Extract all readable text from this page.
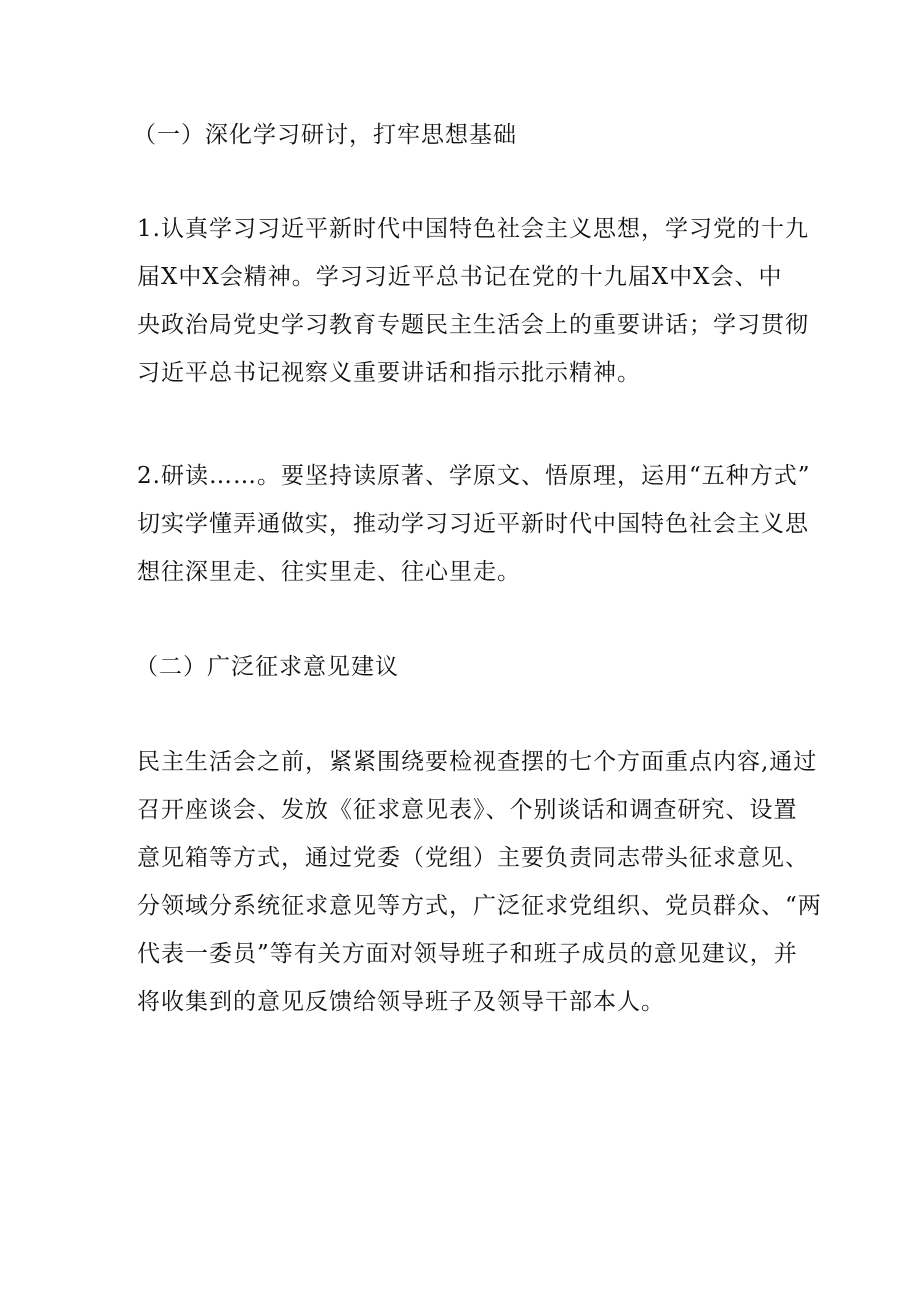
（一）深化学习研讨，打牢思想基础
1.认真学习习近平新时代中国特色社会主义思想，学习党的十九
届X中X会精神。学习习近平总书记在党的十九届X中X会、中
央政治局党史学习教育专题民主生活会上的重要讲话；学习贯彻
习近平总书记视察义重要讲话和指示批示精神。
2.研读……。要坚持读原著、学原文、悟原理，运用“五种方式”
切实学懂弄通做实，推动学习习近平新时代中国特色社会主义思
想往深里走、往实里走、往心里走。
（二）广泛征求意见建议
民主生活会之前，紧紧围绕要检视查摆的七个方面重点内容,通过
召开座谈会、发放《征求意见表》、个别谈话和调查研究、设置
意见箱等方式，通过党委（党组）主要负责同志带头征求意见、
分领域分系统征求意见等方式，广泛征求党组织、党员群众、“两
代表一委员”等有关方面对领导班子和班子成员的意见建议，并
将收集到的意见反馈给领导班子及领导干部本人。
